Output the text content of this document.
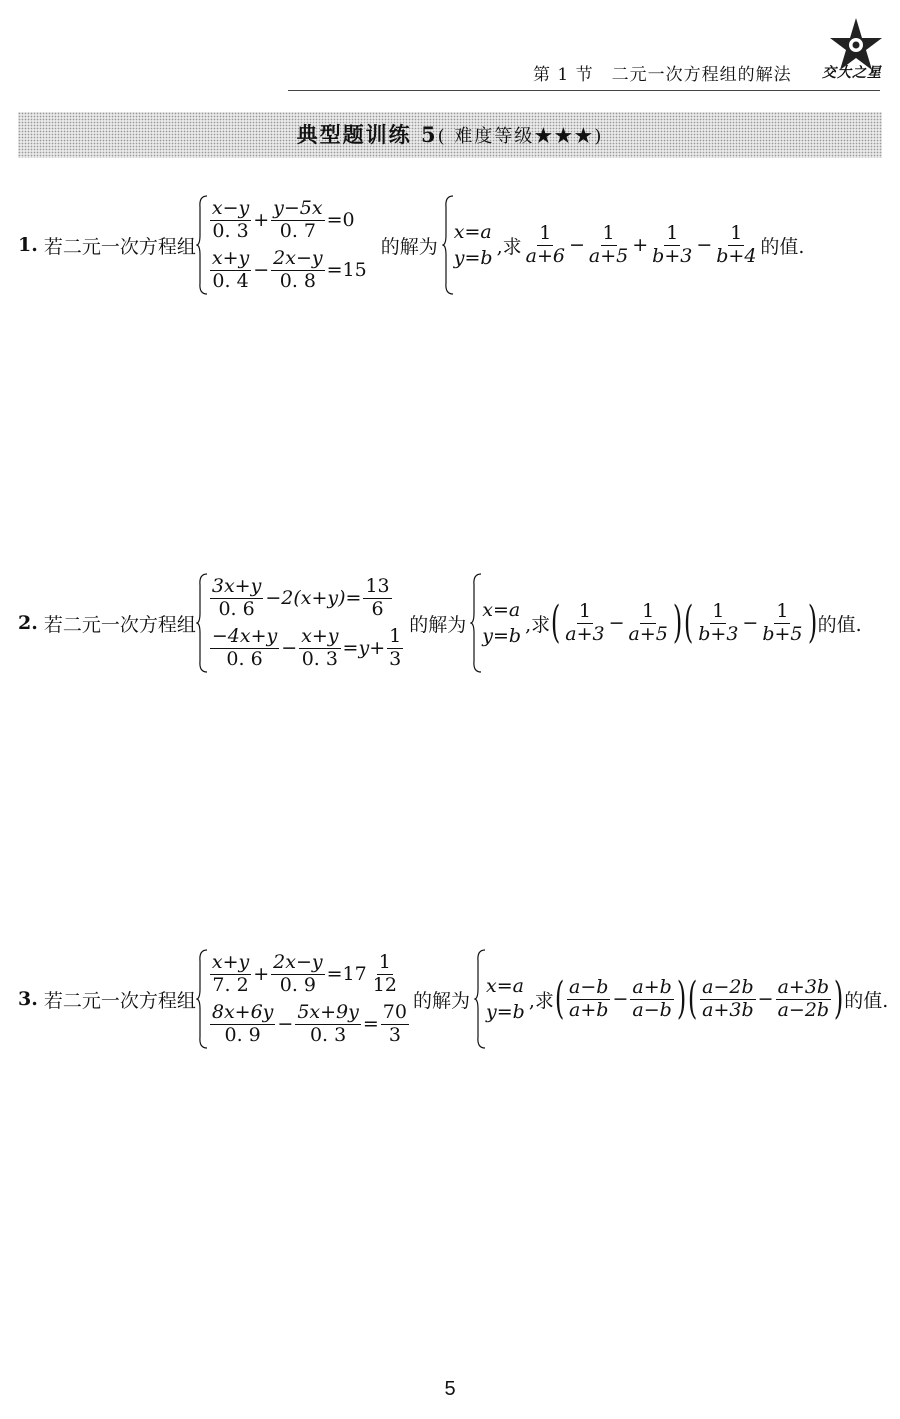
第 1 节　二元一次方程组的解法 交大之星
典型题训练 5( 难度等级★★★)
1. 若二元一次方程组
$\frac{x-y}{0. 3} + \frac{y-5x}{0. 7} =0$
$\frac{x+y}{0. 4} - \frac{2x-y}{0. 8} =15$
的解为
x=a
y=b
,求 $\frac{1}{a+6} - \frac{1}{a+5} + \frac{1}{b+3} - \frac{1}{b+4}$ 的值.
2. 若二元一次方程组
$\frac{3x+y}{0. 6} -2(x+y)= \frac{13}{6}$
$\frac{-4x+y}{0. 6} - \frac{x+y}{0. 3} =y+ \frac{1}{3}$
的解为
x=a
y=b
,求 ( $\frac{1}{a+3} - \frac{1}{a+5}$ ) ( $\frac{1}{b+3} - \frac{1}{b+5}$ ) 的值.
3. 若二元一次方程组
$\frac{x+y}{7. 2} + \frac{2x-y}{0. 9} =17 \frac{1}{12}$
$\frac{8x+6y}{0. 9} - \frac{5x+9y}{0. 3} = \frac{70}{3}$
的解为
x=a
y=b
,求 ( $\frac{a-b}{a+b} - \frac{a+b}{a-b}$ ) ( $\frac{a-2b}{a+3b} - \frac{a+3b}{a-2b}$ ) 的值.
5
